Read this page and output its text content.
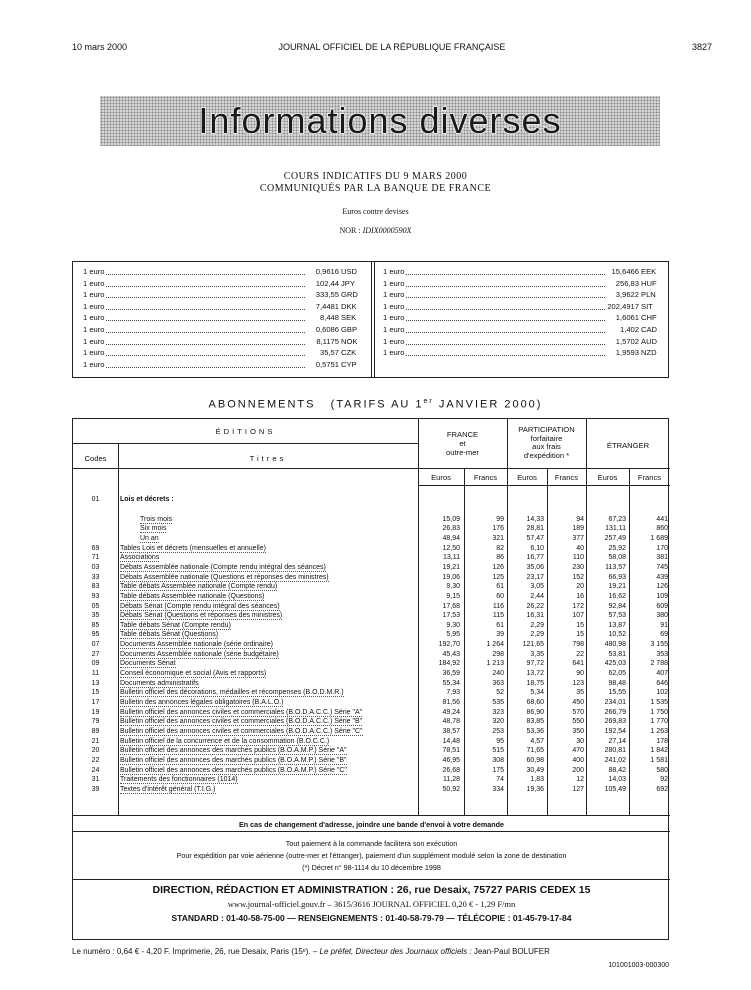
10 mars 2000	JOURNAL OFFICIEL DE LA RÉPUBLIQUE FRANÇAISE	3827
Informations diverses
COURS INDICATIFS DU 9 MARS 2000
COMMUNIQUÉS PAR LA BANQUE DE FRANCE
Euros contre devises
NOR : IDIX0000590X
1 euro	0,9616 USD
1 euro	102,44 JPY
1 euro	333,55 GRD
1 euro	7,4481 DKK
1 euro	8,448 SEK
1 euro	0,6086 GBP
1 euro	8,1175 NOK
1 euro	35,57 CZK
1 euro	0,5751 CYP
1 euro	15,6466 EEK
1 euro	256,83 HUF
1 euro	3,9622 PLN
1 euro	202,4917 SIT
1 euro	1,6061 CHF
1 euro	1,402 CAD
1 euro	1,5702 AUD
1 euro	1,9593 NZD
ABONNEMENTS (TARIFS AU 1er JANVIER 2000)
ÉDITIONS
Codes	Titres
FRANCE
et
outre-mer
PARTICIPATION
forfaitaire
aux frais
d'expédition *
ÉTRANGER
Euros	Francs	Euros	Francs	Euros	Francs
01	Lois et décrets :
Trois mois	15,09	99	14,33	94	67,23	441
Six mois	26,83	176	28,81	189	131,11	860
Un an	48,94	321	57,47	377	257,49	1 689
69	Tables Lois et décrets (mensuelles et annuelle)	12,50	82	6,10	40	25,92	170
71	Associations	13,11	86	16,77	110	58,08	381
03	Débats Assemblée nationale (Compte rendu intégral des séances)	19,21	126	35,06	230	113,57	745
33	Débats Assemblée nationale (Questions et réponses des ministres)	19,06	125	23,17	152	66,93	439
83	Table débats Assemblée nationale (Compte rendu)	9,30	61	3,05	20	19,21	126
93	Table débats Assemblée nationale (Questions)	9,15	60	2,44	16	16,62	109
05	Débats Sénat (Compte rendu intégral des séances)	17,68	116	26,22	172	92,84	609
35	Débats Sénat (Questions et réponses des ministres)	17,53	115	16,31	107	57,53	380
85	Table débats Sénat (Compte rendu)	9,30	61	2,29	15	13,87	91
95	Table débats Sénat (Questions)	5,95	39	2,29	15	10,52	69
07	Documents Assemblée nationale (série ordinaire)	192,70	1 264	121,65	798	480,98	3 155
27	Documents Assemblée nationale (série budgétaire)	45,43	298	3,35	22	53,81	353
09	Documents Sénat	184,92	1 213	97,72	641	425,03	2 788
11	Conseil économique et social (Avis et rapports)	36,59	240	13,72	90	62,05	407
13	Documents administratifs	55,34	363	18,75	123	98,48	646
15	Bulletin officiel des décorations, médailles et récompenses (B.O.D.M.R.)	7,93	52	5,34	35	15,55	102
17	Bulletin des annonces légales obligatoires (B.A.L.O.)	81,56	535	68,60	450	234,01	1 535
19	Bulletin officiel des annonces civiles et commerciales (B.O.D.A.C.C.) Série "A"	49,24	323	86,90	570	266,79	1 750
79	Bulletin officiel des annonces civiles et commerciales (B.O.D.A.C.C.) Série "B"	48,78	320	83,85	550	269,83	1 770
89	Bulletin officiel des annonces civiles et commerciales (B.O.D.A.C.C.) Série "C"	38,57	253	53,36	350	192,54	1 263
21	Bulletin officiel de la concurrence et de la consommation (B.O.C.C.)	14,48	95	4,57	30	27,14	178
20	Bulletin officiel des annonces des marchés publics (B.O.A.M.P.) Série "A"	78,51	515	71,65	470	280,81	1 842
22	Bulletin officiel des annonces des marchés publics (B.O.A.M.P.) Série "B"	46,95	308	60,98	400	241,02	1 581
24	Bulletin officiel des annonces des marchés publics (B.O.A.M.P.) Série "C"	26,68	175	30,49	200	88,42	580
31	Traitements des fonctionnaires (1014)	11,28	74	1,83	12	14,03	92
39	Textes d'intérêt général (T.I.G.)	50,92	334	19,36	127	105,49	692
En cas de changement d'adresse, joindre une bande d'envoi à votre demande
Tout paiement à la commande facilitera son exécution
Pour expédition par voie aérienne (outre-mer et l'étranger), paiement d'un supplément modulé selon la zone de destination
(*) Décret n° 98-1114 du 10 décembre 1998
DIRECTION, RÉDACTION ET ADMINISTRATION : 26, rue Desaix, 75727 PARIS CEDEX 15
www.journal-officiel.gouv.fr – 3615/3616 JOURNAL OFFICIEL 0,20 € - 1,29 F/mn
STANDARD : 01-40-58-75-00 — RENSEIGNEMENTS : 01-40-58-79-79 — TÉLÉCOPIE : 01-45-79-17-84
Le numéro : 0,64 € - 4,20 F. Imprimerie, 26, rue Desaix, Paris (15ᵉ). – Le préfet, Directeur des Journaux officiels : Jean-Paul BOLUFER
101001003-000300
